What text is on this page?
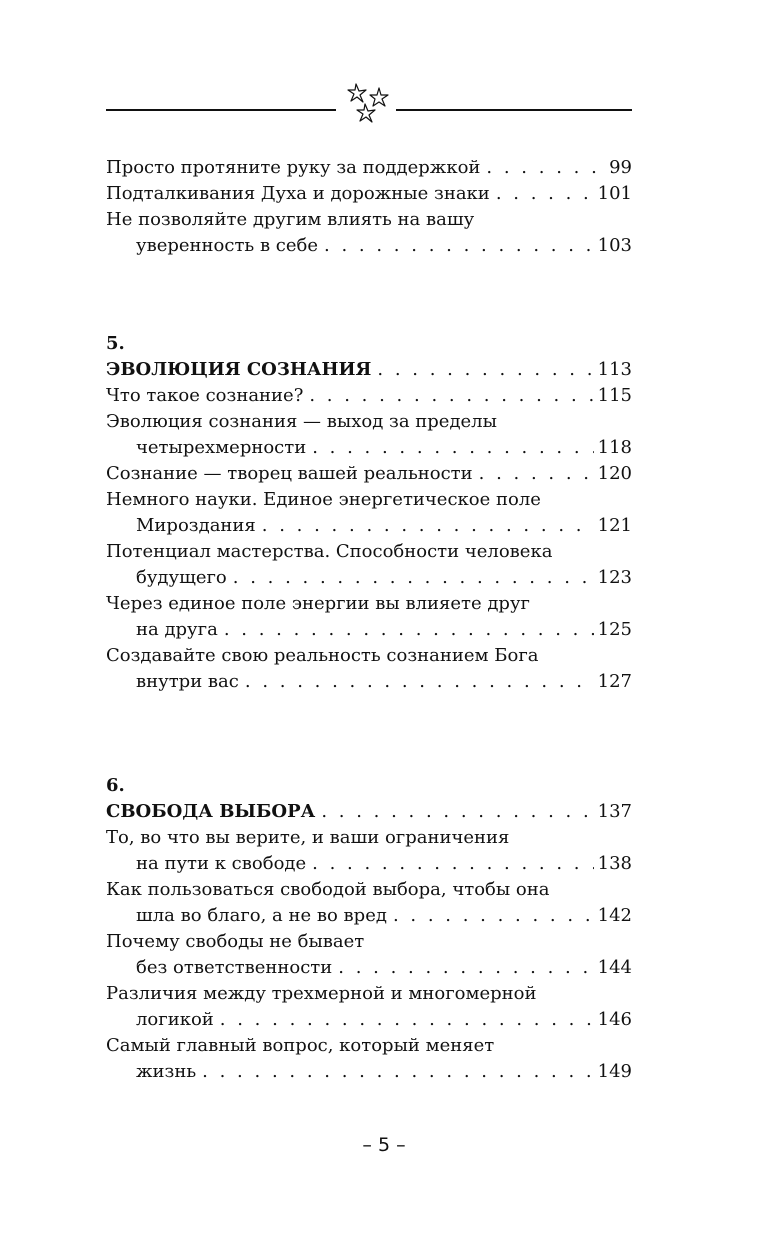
Просто протяните руку за поддержкой . . .	99
Подталкивания Духа и дорожные знаки . . .	101
Не позволяйте другим влиять на вашу
уверенность в себе . . .	103
5.
ЭВОЛЮЦИЯ СОЗНАНИЯ . . .	113
Что такое сознание? . . .	115
Эволюция сознания — выход за пределы
четырехмерности . . .	118
Сознание — творец вашей реальности . . .	120
Немного науки. Единое энергетическое поле
Мироздания . . .	121
Потенциал мастерства. Способности человека
будущего . . .	123
Через единое поле энергии вы влияете друг
на друга . . .	125
Создавайте свою реальность сознанием Бога
внутри вас . . .	127
6.
СВОБОДА ВЫБОРА . . .	137
То, во что вы верите, и ваши ограничения
на пути к свободе . . .	138
Как пользоваться свободой выбора, чтобы она
шла во благо, а не во вред . . .	142
Почему свободы не бывает
без ответственности . . .	144
Различия между трехмерной и многомерной
логикой . . .	146
Самый главный вопрос, который меняет
жизнь . . .	149
– 5 –
